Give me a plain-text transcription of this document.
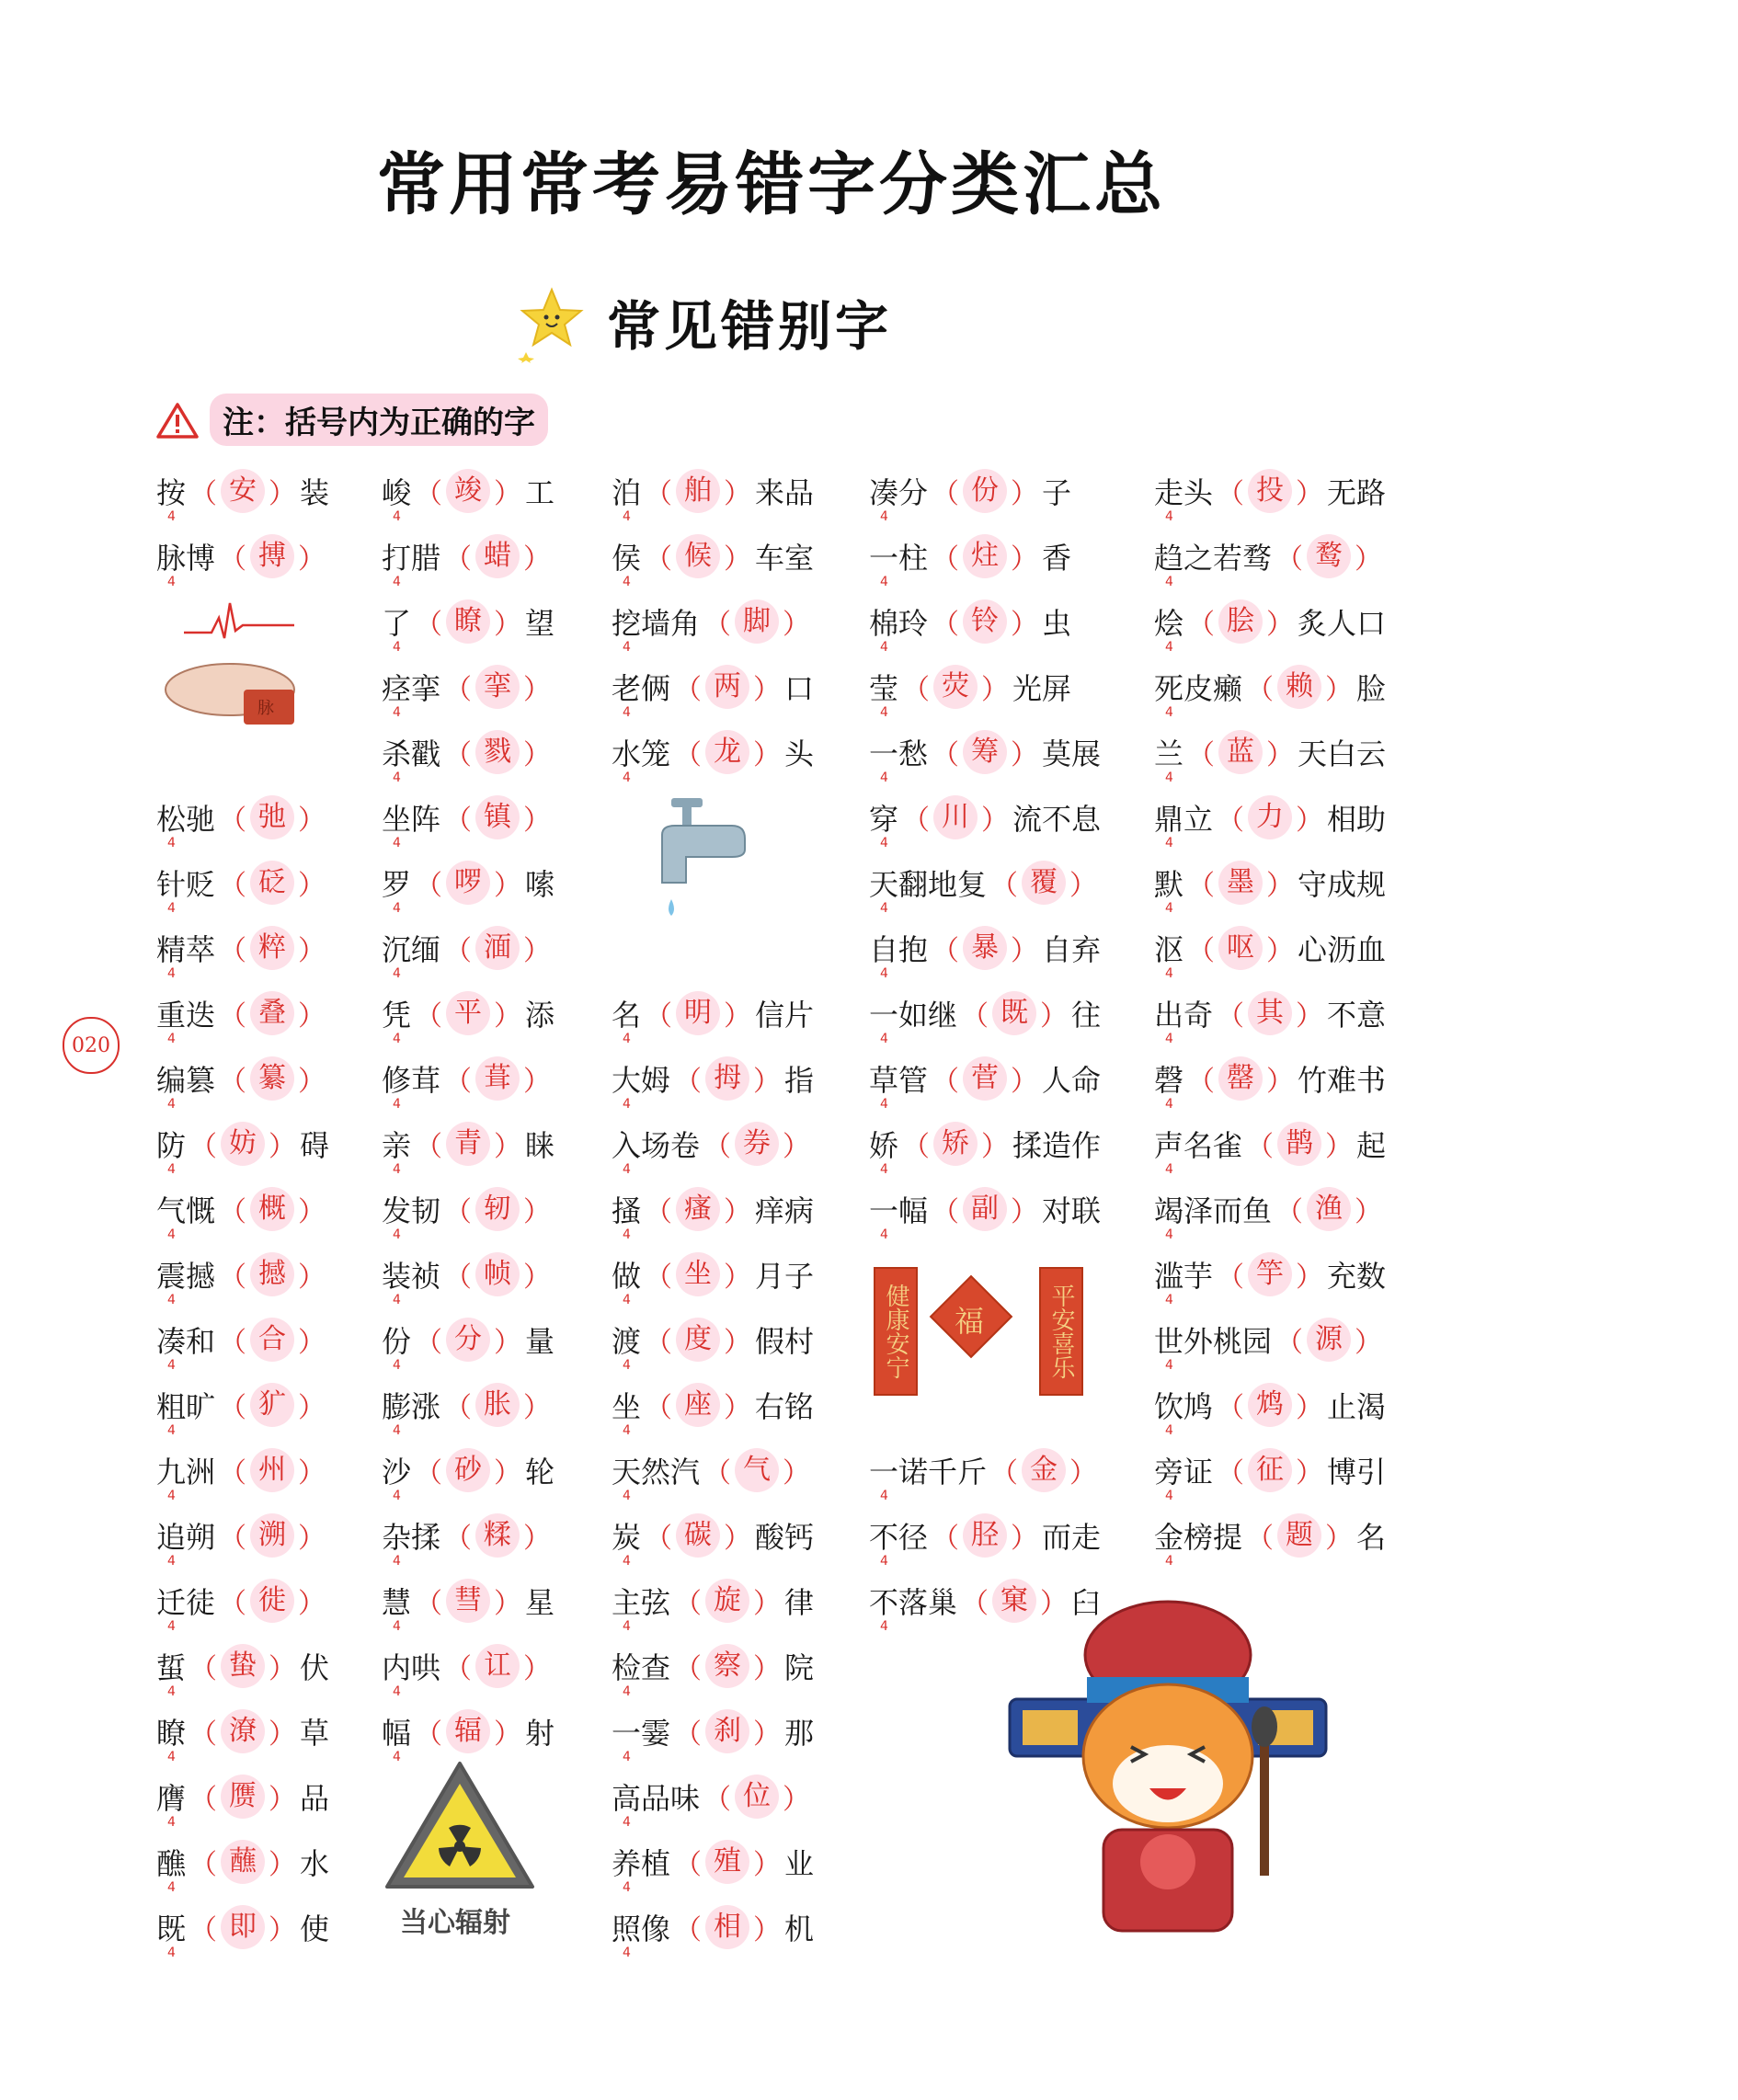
常用常考易错字分类汇总
常见错别字
注：括号内为正确的字
020
按 （ 安 ） 装
4
脉博 （ 搏 ）
4
松驰 （ 弛 ）
4
针贬 （ 砭 ）
4
精萃 （ 粹 ）
4
重迭 （ 叠 ）
4
编篡 （ 纂 ）
4
防 （ 妨 ） 碍
4
气慨 （ 概 ）
4
震撼 （ 撼 ）
4
凑和 （ 合 ）
4
粗旷 （ 犷 ）
4
九洲 （ 州 ）
4
追朔 （ 溯 ）
4
迁徒 （ 徙 ）
4
蜇 （ 蛰 ） 伏
4
瞭 （ 潦 ） 草
4
膺 （ 赝 ） 品
4
醮 （ 蘸 ） 水
4
既 （ 即 ） 使
4
峻 （ 竣 ） 工
4
打腊 （ 蜡 ）
4
了 （ 瞭 ） 望
4
痉挛 （ 挛 ）
4
杀戳 （ 戮 ）
4
坐阵 （ 镇 ）
4
罗 （ 啰 ） 嗦
4
沉缅 （ 湎 ）
4
凭 （ 平 ） 添
4
修茸 （ 葺 ）
4
亲 （ 青 ） 睐
4
发韧 （ 轫 ）
4
装祯 （ 帧 ）
4
份 （ 分 ） 量
4
膨涨 （ 胀 ）
4
沙 （ 砂 ） 轮
4
杂揉 （ 糅 ）
4
慧 （ 彗 ） 星
4
内哄 （ 讧 ）
4
幅 （ 辐 ） 射
4
泊 （ 舶 ） 来品
4
侯 （ 候 ） 车室
4
挖墙角 （ 脚 ）
4
老俩 （ 两 ） 口
4
水笼 （ 龙 ） 头
4
名 （ 明 ） 信片
4
大姆 （ 拇 ） 指
4
入场卷 （ 券 ）
4
搔 （ 瘙 ） 痒病
4
做 （ 坐 ） 月子
4
渡 （ 度 ） 假村
4
坐 （ 座 ） 右铭
4
天然汽 （ 气 ）
4
炭 （ 碳 ） 酸钙
4
主弦 （ 旋 ） 律
4
检查 （ 察 ） 院
4
一霎 （ 刹 ） 那
4
高品味 （ 位 ）
4
养植 （ 殖 ） 业
4
照像 （ 相 ） 机
4
凑分 （ 份 ） 子
4
一柱 （ 炷 ） 香
4
棉玲 （ 铃 ） 虫
4
莹 （ 荧 ） 光屏
4
一愁 （ 筹 ） 莫展
4
穿 （ 川 ） 流不息
4
天翻地复 （ 覆 ）
4
自抱 （ 暴 ） 自弃
4
一如继 （ 既 ） 往
4
草管 （ 菅 ） 人命
4
娇 （ 矫 ） 揉造作
4
一幅 （ 副 ） 对联
4
一诺千斤 （ 金 ）
4
不径 （ 胫 ） 而走
4
不落巢 （ 窠 ） 臼
4
走头 （ 投 ） 无路
4
趋之若骛 （ 鹜 ）
4
烩 （ 脍 ） 炙人口
4
死皮癞 （ 赖 ） 脸
4
兰 （ 蓝 ） 天白云
4
鼎立 （ 力 ） 相助
4
默 （ 墨 ） 守成规
4
沤 （ 呕 ） 心沥血
4
出奇 （ 其 ） 不意
4
磬 （ 罄 ） 竹难书
4
声名雀 （ 鹊 ） 起
4
竭泽而鱼 （ 渔 ）
4
滥芋 （ 竽 ） 充数
4
世外桃园 （ 源 ）
4
饮鸠 （ 鸩 ） 止渴
4
旁证 （ 征 ） 博引
4
金榜提 （ 题 ） 名
4
脉
健康安宁 福	平安喜乐
当心辐射
